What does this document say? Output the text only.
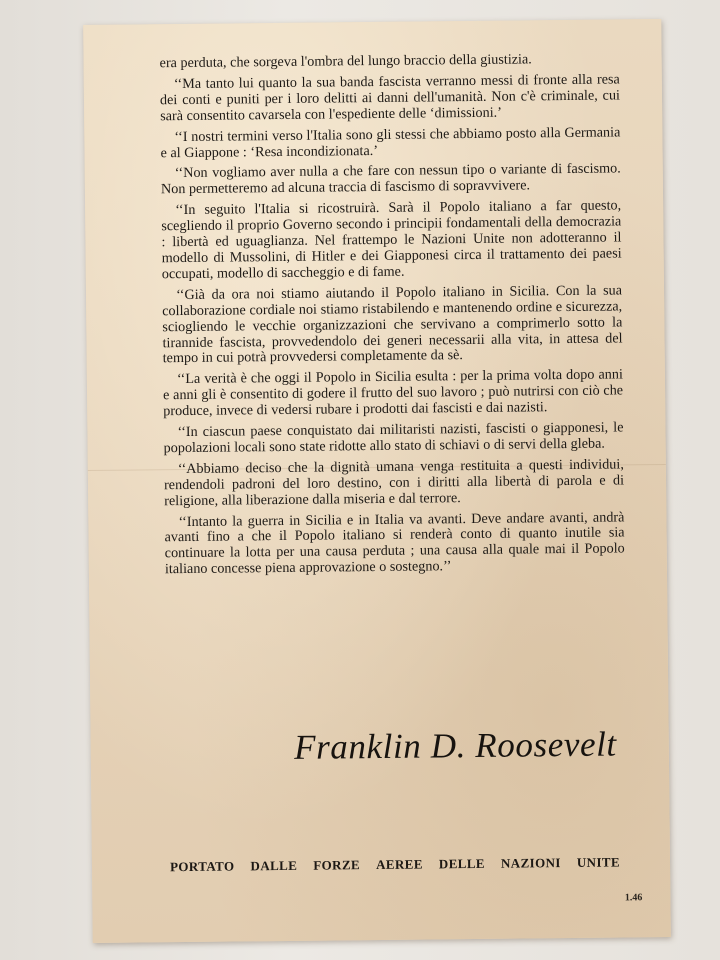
era perduta, che sorgeva l'ombra del lungo braccio della giustizia.

‘‘Ma tanto lui quanto la sua banda fascista verranno messi di fronte alla resa dei conti e puniti per i loro delitti ai danni dell'umanità. Non c'è criminale, cui sarà consentito cavarsela con l'espediente delle ‘dimissioni.’

‘‘I nostri termini verso l'Italia sono gli stessi che abbiamo posto alla Germania e al Giappone : ‘Resa incondizionata.’

‘‘Non vogliamo aver nulla a che fare con nessun tipo o variante di fascismo. Non permetteremo ad alcuna traccia di fascismo di sopravvivere.

‘‘In seguito l'Italia si ricostruirà. Sarà il Popolo italiano a far questo, scegliendo il proprio Governo secondo i principii fondamentali della democrazia : libertà ed uguaglianza. Nel frattempo le Nazioni Unite non adotteranno il modello di Mussolini, di Hitler e dei Giapponesi circa il trattamento dei paesi occupati, modello di saccheggio e di fame.

‘‘Già da ora noi stiamo aiutando il Popolo italiano in Sicilia. Con la sua collaborazione cordiale noi stiamo ristabilendo e mantenendo ordine e sicurezza, sciogliendo le vecchie organizzazioni che servivano a comprimerlo sotto la tirannide fascista, provvedendolo dei generi necessarii alla vita, in attesa del tempo in cui potrà provvedersi completamente da sè.

‘‘La verità è che oggi il Popolo in Sicilia esulta : per la prima volta dopo anni e anni gli è consentito di godere il frutto del suo lavoro ; può nutrirsi con ciò che produce, invece di vedersi rubare i prodotti dai fascisti e dai nazisti.

‘‘In ciascun paese conquistato dai militaristi nazisti, fascisti o giapponesi, le popolazioni locali sono state ridotte allo stato di schiavi o di servi della gleba.

‘‘Abbiamo deciso che la dignità umana venga restituita a questi individui, rendendoli padroni del loro destino, con i diritti alla libertà di parola e di religione, alla liberazione dalla miseria e dal terrore.

‘‘Intanto la guerra in Sicilia e in Italia va avanti. Deve andare avanti, andrà avanti fino a che il Popolo italiano si renderà conto di quanto inutile sia continuare la lotta per una causa perduta ; una causa alla quale mai il Popolo italiano concesse piena approvazione o sostegno.’’

Franklin D. Roosevelt
PORTATO DALLE FORZE AEREE DELLE NAZIONI UNITE
1.46
